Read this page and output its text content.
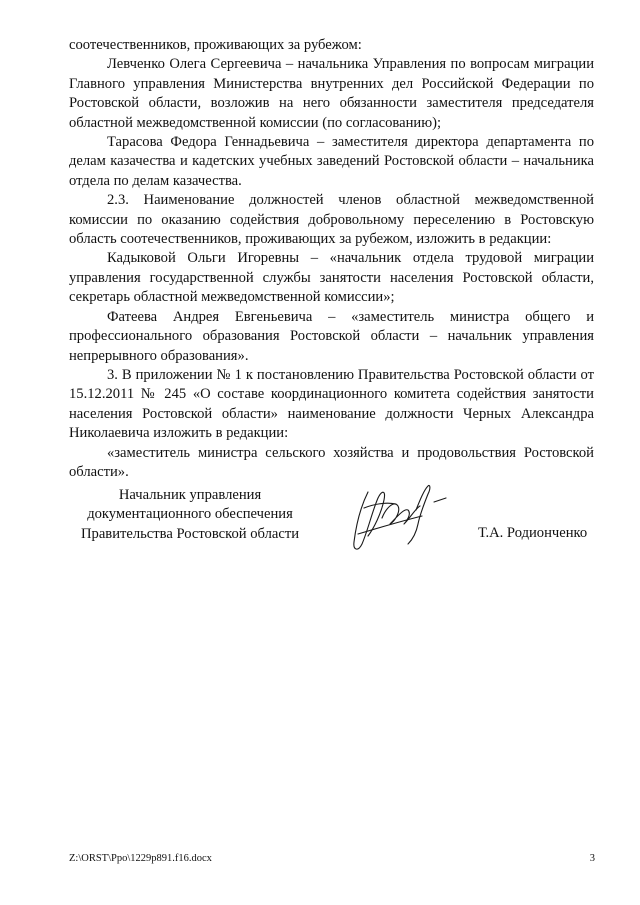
соотечественников, проживающих за рубежом:

Левченко Олега Сергеевича – начальника Управления по вопросам миграции Главного управления Министерства внутренних дел Российской Федерации по Ростовской области, возложив на него обязанности заместителя председателя областной межведомственной комиссии (по согласованию);

Тарасова Федора Геннадьевича – заместителя директора департамента по делам казачества и кадетских учебных заведений Ростовской области – начальника отдела по делам казачества.

2.3. Наименование должностей членов областной межведомственной комиссии по оказанию содействия добровольному переселению в Ростовскую область соотечественников, проживающих за рубежом, изложить в редакции:

Кадыковой Ольги Игоревны – «начальник отдела трудовой миграции управления государственной службы занятости населения Ростовской области, секретарь областной межведомственной комиссии»;

Фатеева Андрея Евгеньевича – «заместитель министра общего и профессионального образования Ростовской области – начальник управления непрерывного образования».

3. В приложении № 1 к постановлению Правительства Ростовской области от 15.12.2011 № 245 «О составе координационного комитета содействия занятости населения Ростовской области» наименование должности Черных Александра Николаевича изложить в редакции:

«заместитель министра сельского хозяйства и продовольствия Ростовской области».

Начальник управления
документационного обеспечения
Правительства Ростовской области	Т.А. Родионченко
Z:\ORST\Ppo\1229p891.f16.docx	3
